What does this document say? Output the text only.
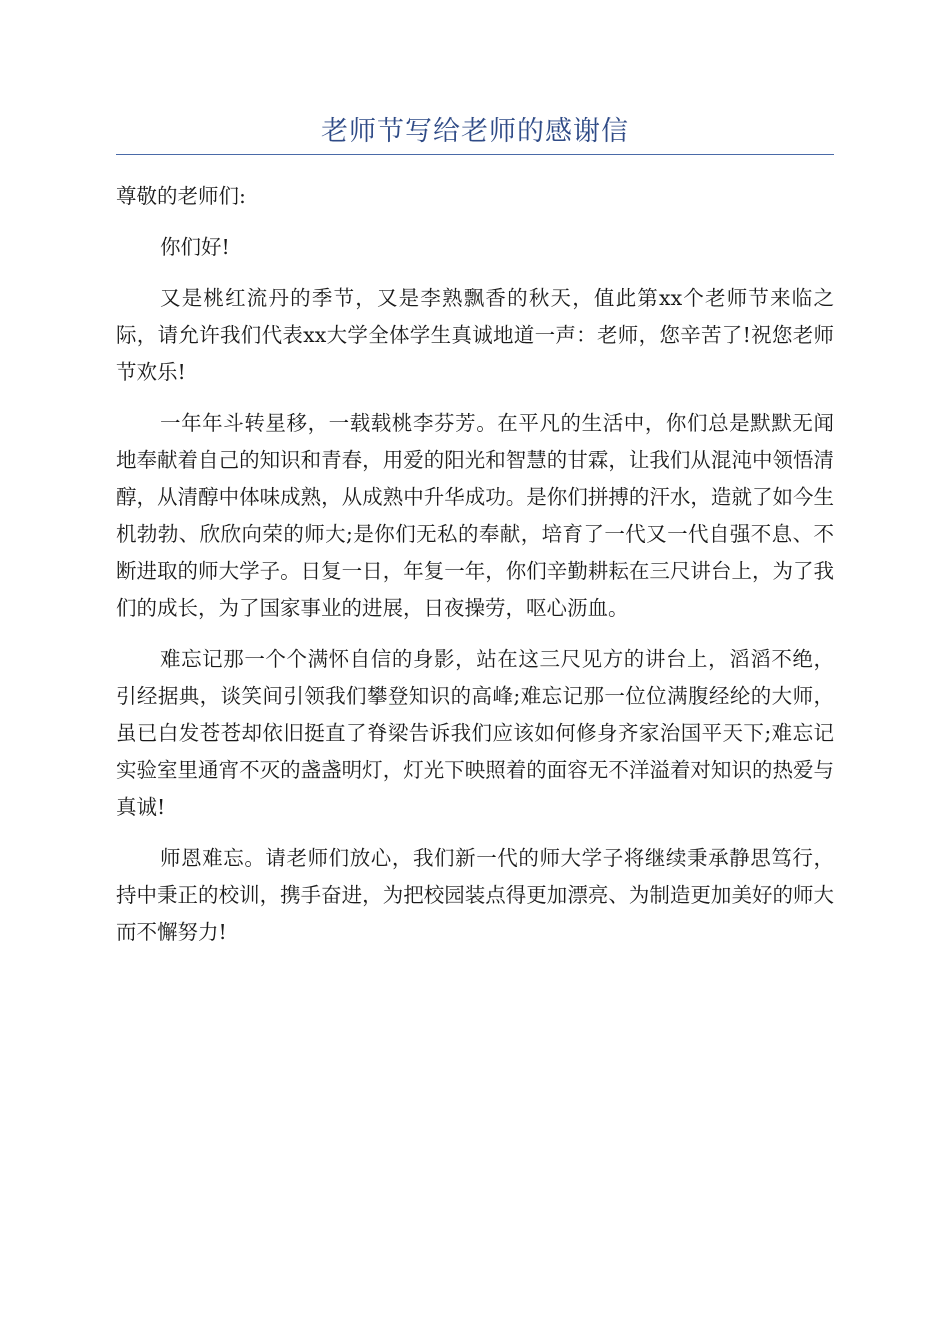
老师节写给老师的感谢信

尊敬的老师们:

你们好!

又是桃红流丹的季节，又是李熟飘香的秋天，值此第xx个老师节来临之际，请允许我们代表xx大学全体学生真诚地道一声：老师，您辛苦了!祝您老师节欢乐!

一年年斗转星移，一载载桃李芬芳。在平凡的生活中，你们总是默默无闻地奉献着自己的知识和青春，用爱的阳光和智慧的甘霖，让我们从混沌中领悟清醇，从清醇中体味成熟，从成熟中升华成功。是你们拼搏的汗水，造就了如今生机勃勃、欣欣向荣的师大;是你们无私的奉献，培育了一代又一代自强不息、不断进取的师大学子。日复一日，年复一年，你们辛勤耕耘在三尺讲台上，为了我们的成长，为了国家事业的进展，日夜操劳，呕心沥血。

难忘记那一个个满怀自信的身影，站在这三尺见方的讲台上，滔滔不绝，引经据典，谈笑间引领我们攀登知识的高峰;难忘记那一位位满腹经纶的大师，虽已白发苍苍却依旧挺直了脊梁告诉我们应该如何修身齐家治国平天下;难忘记实验室里通宵不灭的盏盏明灯，灯光下映照着的面容无不洋溢着对知识的热爱与真诚!

师恩难忘。请老师们放心，我们新一代的师大学子将继续秉承静思笃行，持中秉正的校训，携手奋进，为把校园装点得更加漂亮、为制造更加美好的师大而不懈努力!
